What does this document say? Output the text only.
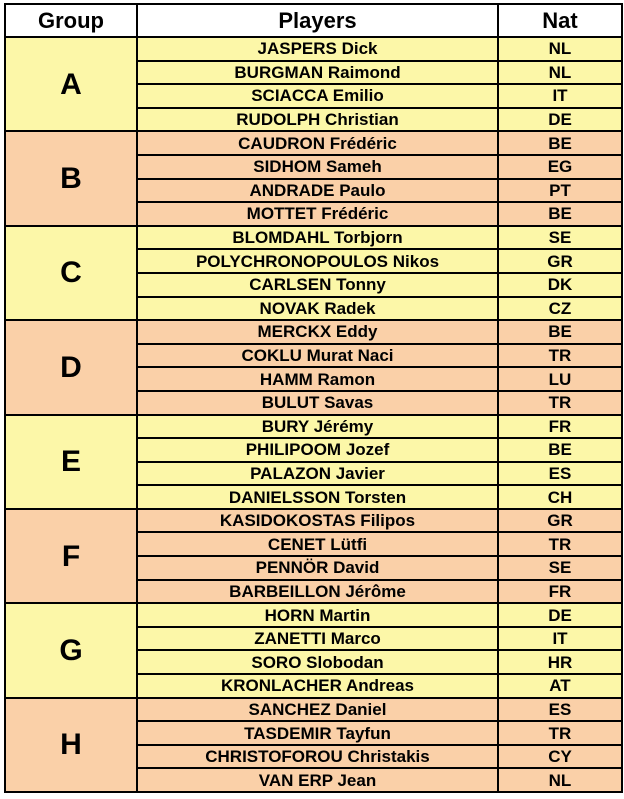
Group	Players	Nat
A	JASPERS Dick	NL
	BURGMAN Raimond	NL
	SCIACCA Emilio	IT
	RUDOLPH Christian	DE
B	CAUDRON Frédéric	BE
	SIDHOM Sameh	EG
	ANDRADE Paulo	PT
	MOTTET Frédéric	BE
C	BLOMDAHL Torbjorn	SE
	POLYCHRONOPOULOS Nikos	GR
	CARLSEN Tonny	DK
	NOVAK Radek	CZ
D	MERCKX Eddy	BE
	COKLU Murat Naci	TR
	HAMM Ramon	LU
	BULUT Savas	TR
E	BURY Jérémy	FR
	PHILIPOOM Jozef	BE
	PALAZON Javier	ES
	DANIELSSON Torsten	CH
F	KASIDOKOSTAS Filipos	GR
	CENET Lütfi	TR
	PENNÖR David	SE
	BARBEILLON Jérôme	FR
G	HORN Martin	DE
	ZANETTI Marco	IT
	SORO Slobodan	HR
	KRONLACHER Andreas	AT
H	SANCHEZ Daniel	ES
	TASDEMIR Tayfun	TR
	CHRISTOFOROU Christakis	CY
	VAN ERP Jean	NL
